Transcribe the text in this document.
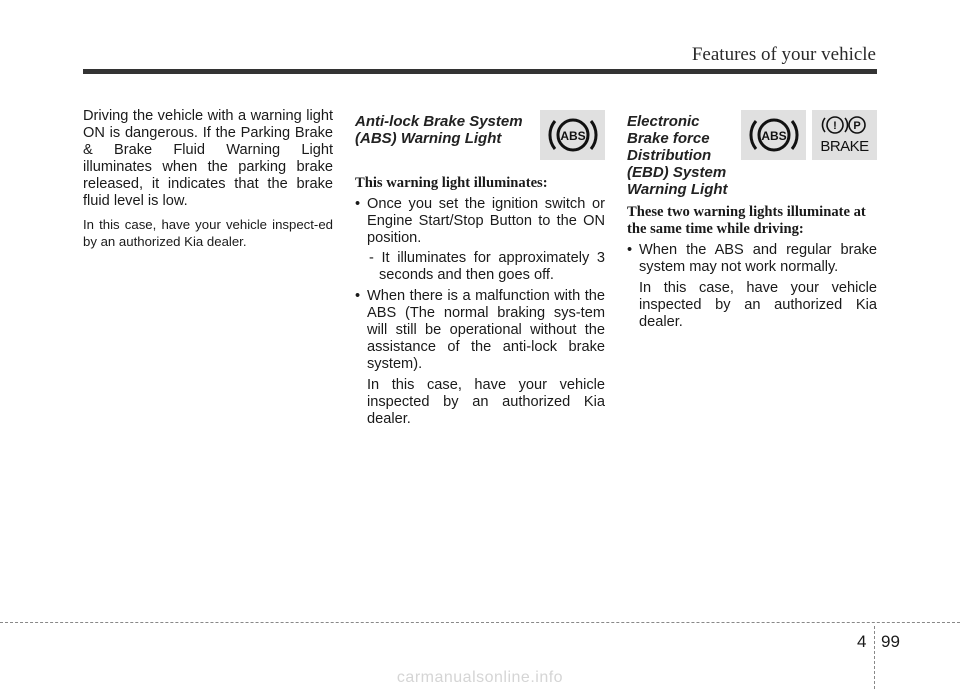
Features of your vehicle

Driving the vehicle with a warning light ON is dangerous. If the Parking Brake & Brake Fluid Warning Light illuminates when the parking brake released, it indicates that the brake fluid level is low.

In this case, have your vehicle inspect-ed by an authorized Kia dealer.

Anti-lock Brake System (ABS) Warning Light
This warning light illuminates:
• Once you set the ignition switch or Engine Start/Stop Button to the ON position.
- It illuminates for approximately 3 seconds and then goes off.
• When there is a malfunction with the ABS (The normal braking sys-tem will still be operational without the assistance of the anti-lock brake system).
In this case, have your vehicle inspected by an authorized Kia dealer.
ABS
Electronic Brake force Distribution (EBD) System Warning Light
These two warning lights illuminate at the same time while driving:
• When the ABS and regular brake system may not work normally.
In this case, have your vehicle inspected by an authorized Kia dealer.
ABS
! P
BRAKE
4 99
carmanualsonline.info
